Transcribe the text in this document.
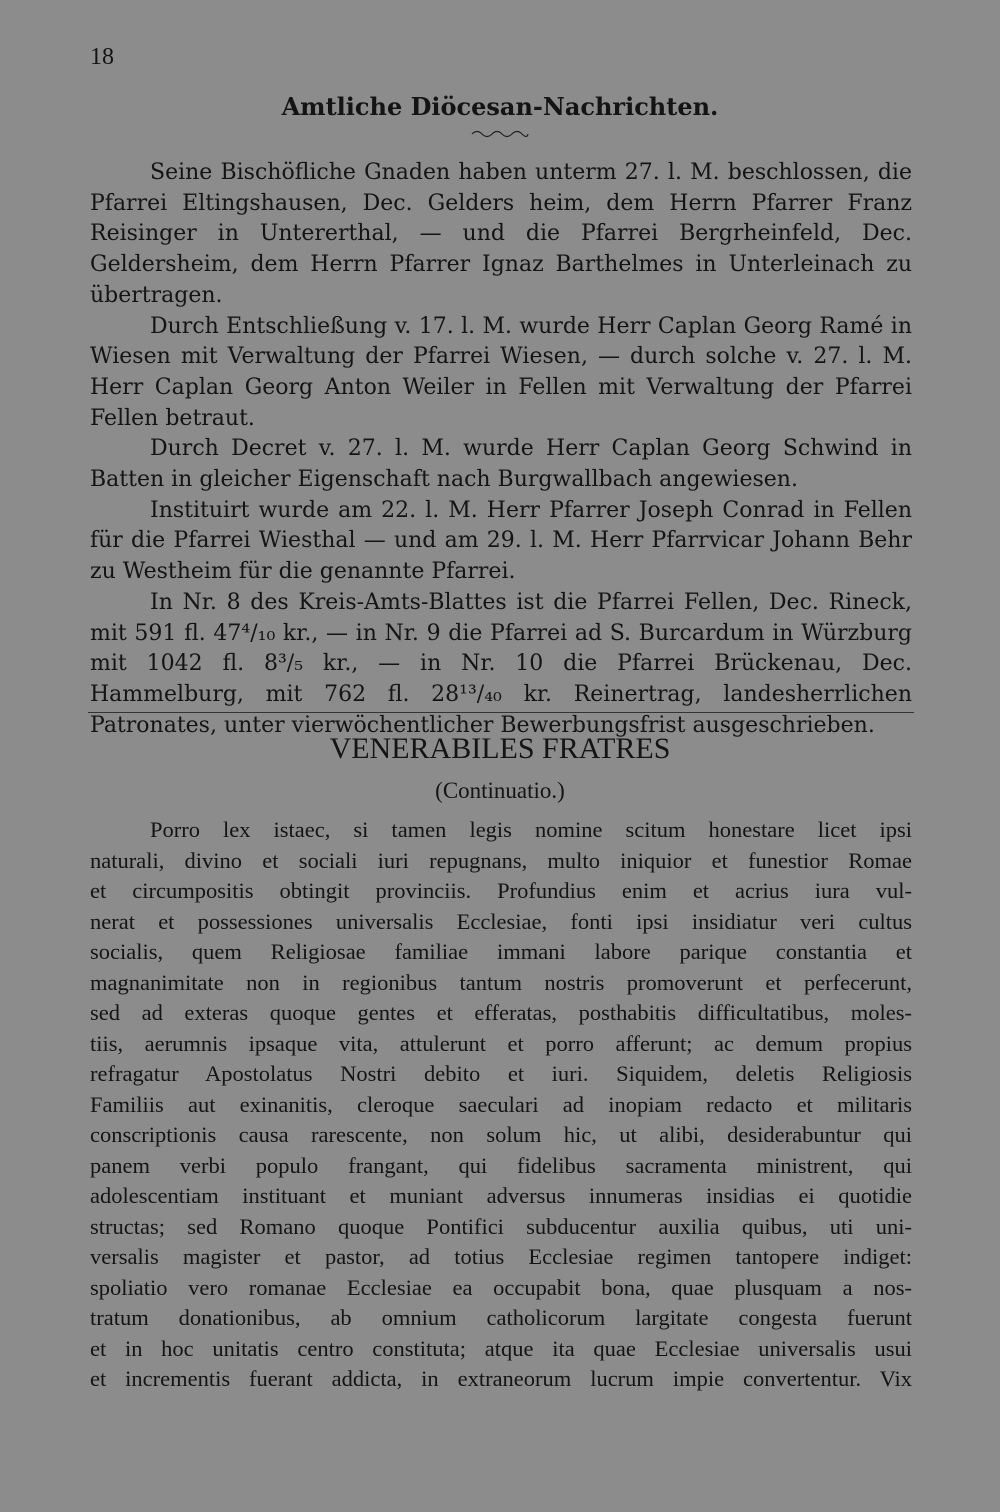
18
Amtliche Diöcesan-Nachrichten.

Seine Bischöfliche Gnaden haben unterm 27. l. M. beschlossen, die Pfarrei Eltingshausen, Dec. Gelders heim, dem Herrn Pfarrer Franz Reisinger in Untererthal, — und die Pfarrei Bergrheinfeld, Dec. Geldersheim, dem Herrn Pfarrer Ignaz Barthelmes in Unterleinach zu übertragen.

Durch Entschließung v. 17. l. M. wurde Herr Caplan Georg Ramé in Wiesen mit Verwaltung der Pfarrei Wiesen, — durch solche v. 27. l. M. Herr Caplan Georg Anton Weiler in Fellen mit Verwaltung der Pfarrei Fellen betraut.

Durch Decret v. 27. l. M. wurde Herr Caplan Georg Schwind in Batten in gleicher Eigenschaft nach Burgwallbach angewiesen.

Instituirt wurde am 22. l. M. Herr Pfarrer Joseph Conrad in Fellen für die Pfarrei Wiesthal — und am 29. l. M. Herr Pfarrvicar Johann Behr zu Westheim für die genannte Pfarrei.

In Nr. 8 des Kreis-Amts-Blattes ist die Pfarrei Fellen, Dec. Rineck, mit 591 fl. 47⁴/₁₀ kr., — in Nr. 9 die Pfarrei ad S. Burcardum in Würzburg mit 1042 fl. 8³/₅ kr., — in Nr. 10 die Pfarrei Brückenau, Dec. Hammelburg, mit 762 fl. 28¹³/₄₀ kr. Reinertrag, landesherrlichen Patronates, unter vierwöchentlicher Bewerbungsfrist ausgeschrieben.

VENERABILES FRATRES
(Continuatio.)
Porro lex istaec, si tamen legis nomine scitum honestare licet ipsi
naturali, divino et sociali iuri repugnans, multo iniquior et funestior Romae
et circumpositis obtingit provinciis. Profundius enim et acrius iura vul-
nerat et possessiones universalis Ecclesiae, fonti ipsi insidiatur veri cultus
socialis, quem Religiosae familiae immani labore parique constantia et
magnanimitate non in regionibus tantum nostris promoverunt et perfecerunt,
sed ad exteras quoque gentes et efferatas, posthabitis difficultatibus, moles-
tiis, aerumnis ipsaque vita, attulerunt et porro afferunt; ac demum propius
refragatur Apostolatus Nostri debito et iuri. Siquidem, deletis Religiosis
Familiis aut exinanitis, cleroque saeculari ad inopiam redacto et militaris
conscriptionis causa rarescente, non solum hic, ut alibi, desiderabuntur qui
panem verbi populo frangant, qui fidelibus sacramenta ministrent, qui
adolescentiam instituant et muniant adversus innumeras insidias ei quotidie
structas; sed Romano quoque Pontifici subducentur auxilia quibus, uti uni-
versalis magister et pastor, ad totius Ecclesiae regimen tantopere indiget:
spoliatio vero romanae Ecclesiae ea occupabit bona, quae plusquam a nos-
tratum donationibus, ab omnium catholicorum largitate congesta fuerunt
et in hoc unitatis centro constituta; atque ita quae Ecclesiae universalis usui
et incrementis fuerant addicta, in extraneorum lucrum impie convertentur. Vix
